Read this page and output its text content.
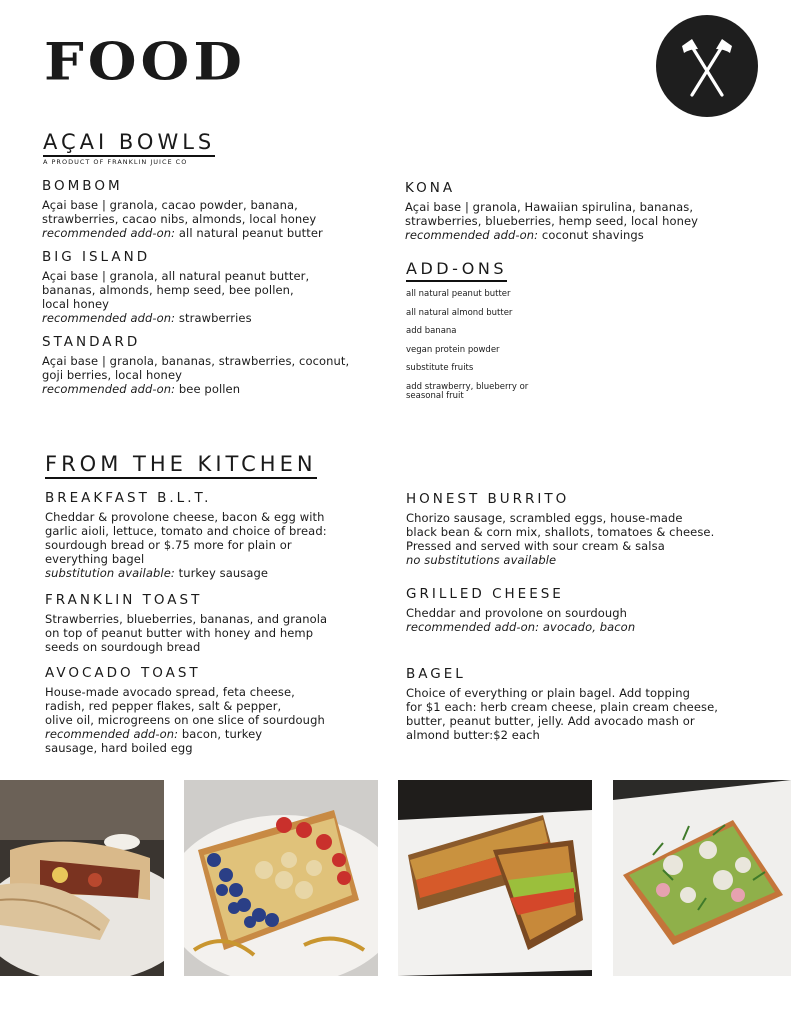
FOOD
AÇAI BOWLS
A PRODUCT OF FRANKLIN JUICE CO
BOMBOM

Açai base | granola, cacao powder, banana,
strawberries, cacao nibs, almonds, local honey
recommended add-on: all natural peanut butter

BIG ISLAND

Açai base | granola, all natural peanut butter,
bananas, almonds, hemp seed, bee pollen,
local honey
recommended add-on: strawberries

STANDARD

Açai base | granola, bananas, strawberries, coconut,
goji berries, local honey
recommended add-on: bee pollen

KONA

Açai base | granola, Hawaiian spirulina, bananas,
strawberries, blueberries, hemp seed, local honey
recommended add-on: coconut shavings

ADD-ONS
all natural peanut butter
all natural almond butter
add banana
vegan protein powder
substitute fruits
add strawberry, blueberry or
seasonal fruit
FROM THE KITCHEN
BREAKFAST B.L.T.

Cheddar & provolone cheese, bacon & egg with
garlic aioli, lettuce, tomato and choice of bread:
sourdough bread or $.75 more for plain or
everything bagel
substitution available: turkey sausage

FRANKLIN TOAST

Strawberries, blueberries, bananas, and granola
on top of peanut butter with honey and hemp
seeds on sourdough bread

AVOCADO TOAST

House-made avocado spread, feta cheese,
radish, red pepper flakes, salt & pepper,
olive oil, microgreens on one slice of sourdough
recommended add-on: bacon, turkey
sausage, hard boiled egg

HONEST BURRITO

Chorizo sausage, scrambled eggs, house-made
black bean & corn mix, shallots, tomatoes & cheese.
Pressed and served with sour cream & salsa
no substitutions available

GRILLED CHEESE

Cheddar and provolone on sourdough
recommended add-on: avocado, bacon

BAGEL

Choice of everything or plain bagel. Add topping
for $1 each: herb cream cheese, plain cream cheese,
butter, peanut butter, jelly. Add avocado mash or
almond butter:$2 each
